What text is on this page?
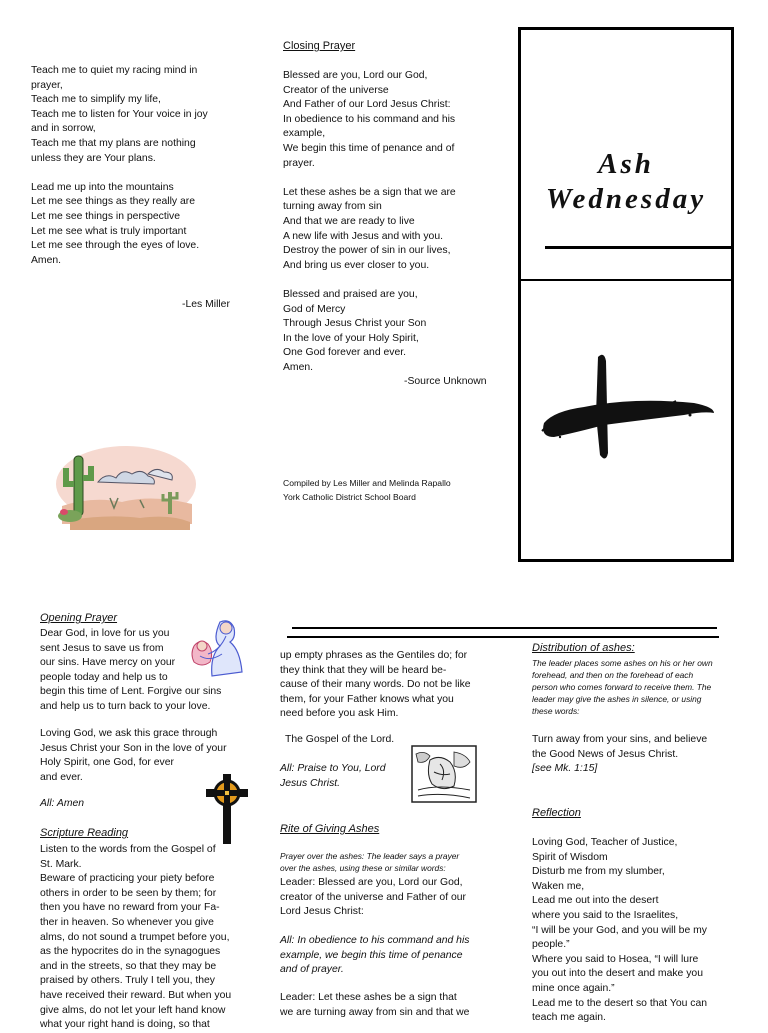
Teach me to quiet my racing mind in
prayer,
Teach me to simplify my life,
Teach me to listen for Your voice in joy
and in sorrow,
Teach me that my plans are nothing
unless they are Your plans.

Lead me up into the mountains
Let me see things as they really are
Let me see things in perspective
Let me see what is truly important
Let me see through the eyes of love.
Amen.
-Les Miller
Closing Prayer
Blessed are you, Lord our God,
Creator of the universe
And Father of our Lord Jesus Christ:
In obedience to his command and his
example,
We begin this time of penance and of
prayer.

Let these ashes be a sign that we are
turning away from sin
And that we are ready to live
A new life with Jesus and with you.
Destroy the power of sin in our lives,
And bring us ever closer to you.

Blessed and praised are you,
God of Mercy
Through Jesus Christ your Son
In the love of your Holy Spirit,
One God forever and ever.
Amen.
-Source Unknown
Compiled by Les Miller and Melinda Rapallo
York Catholic District School Board
Ash
Wednesday
Opening Prayer
Dear God, in love for us you
sent Jesus to save us from
our sins. Have mercy on your
people today and help us to
begin this time of Lent. Forgive our sins
and help us to turn back to your love.
Loving God, we ask this grace through
Jesus Christ your Son in the love of your
Holy Spirit, one God, for ever
and ever.
All: Amen
Scripture Reading
Listen to the words from the Gospel of
St. Mark.
Beware of practicing your piety before
others in order to be seen by them; for
then you have no reward from your Fa-
ther in heaven. So whenever you give
alms, do not sound a trumpet before you,
as the hypocrites do in the synagogues
and in the streets, so that they may be
praised by others. Truly I tell you, they
have received their reward. But when you
give alms, do not let your left hand know
what your right hand is doing, so that
up empty phrases as the Gentiles do; for
they think that they will be heard be-
cause of their many words. Do not be like
them, for your Father knows what you
need before you ask Him.
The Gospel of the Lord.
All: Praise to You, Lord
Jesus Christ.
Rite of Giving Ashes
Prayer over the ashes: The leader says a prayer
over the ashes, using these or similar words:
Leader: Blessed are you, Lord our God,
creator of the universe and Father of our
Lord Jesus Christ:
All: In obedience to his command and his
example, we begin this time of penance
and of prayer.
Leader: Let these ashes be a sign that
we are turning away from sin and that we
Distribution of ashes:
The leader places some ashes on his or her own
forehead, and then on the forehead of each
person who comes forward to receive them. The
leader may give the ashes in silence, or using
these words:
Turn away from your sins, and believe
the Good News of Jesus Christ.
[see Mk. 1:15]
Reflection
Loving God, Teacher of Justice,
Spirit of Wisdom
Disturb me from my slumber,
Waken me,
Lead me out into the desert
where you said to the Israelites,
“I will be your God, and you will be my
people.”
Where you said to Hosea, “I will lure
you out into the desert and make you
mine once again.”
Lead me to the desert so that You can
teach me again.
